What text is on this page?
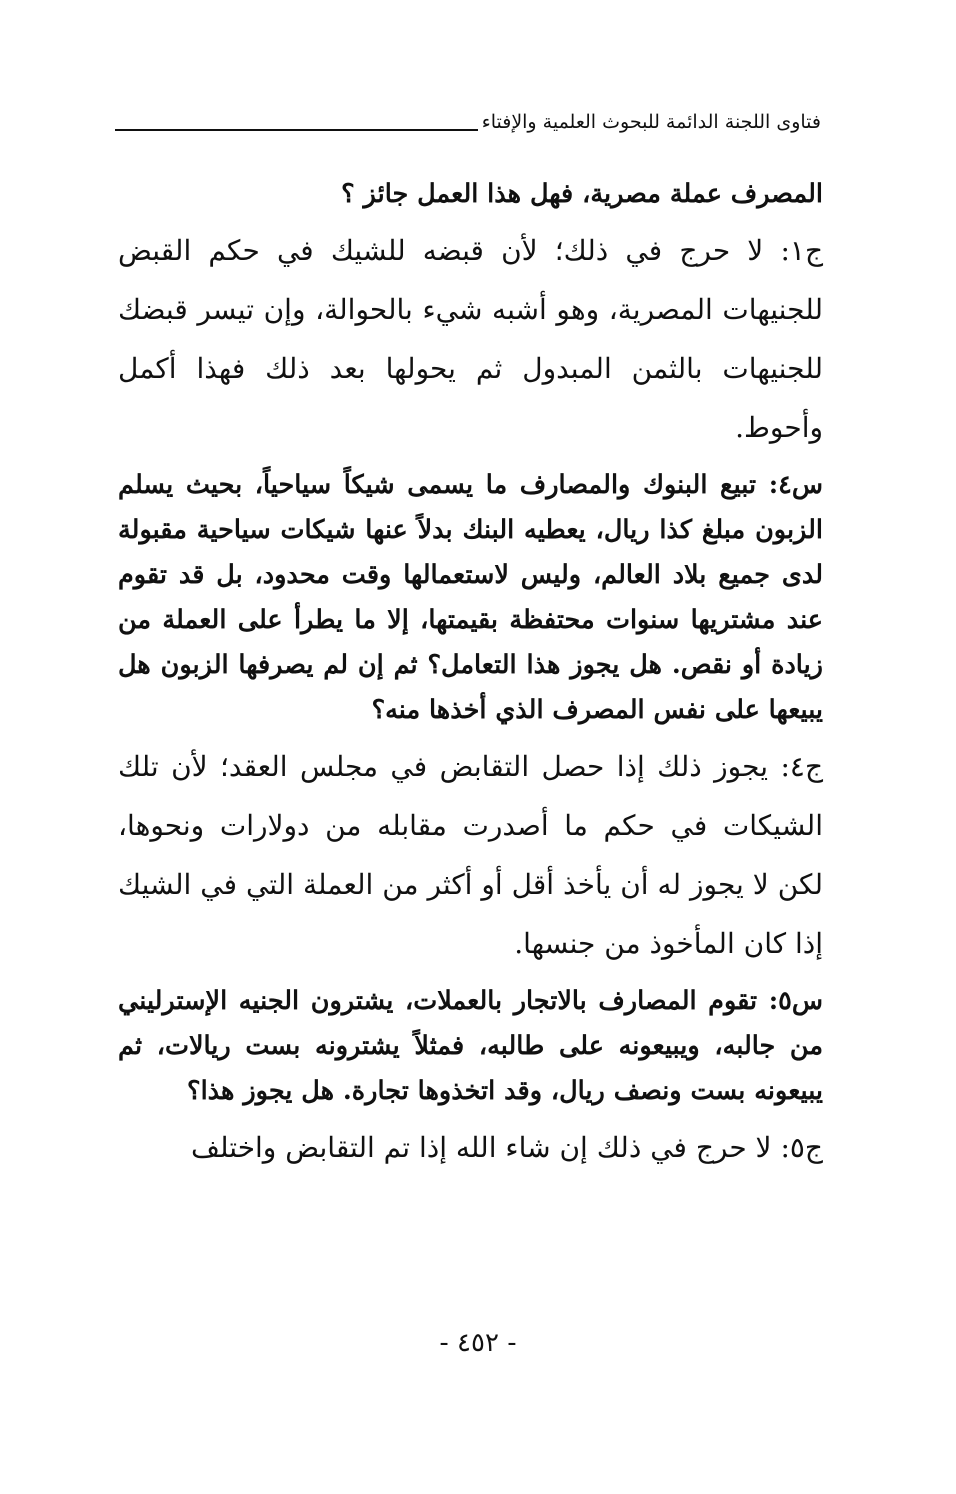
فتاوى اللجنة الدائمة للبحوث العلمية والإفتاء

المصرف عملة مصرية، فهل هذا العمل جائز ؟

ج١: لا حرج في ذلك؛ لأن قبضه للشيك في حكم القبض للجنيهات المصرية، وهو أشبه شيء بالحوالة، وإن تيسر قبضك للجنيهات بالثمن المبدول ثم يحولها بعد ذلك فهذا أكمل وأحوط.

س٤: تبيع البنوك والمصارف ما يسمى شيكاً سياحياً، بحيث يسلم الزبون مبلغ كذا ريال، يعطيه البنك بدلاً عنها شيكات سياحية مقبولة لدى جميع بلاد العالم، وليس لاستعمالها وقت محدود، بل قد تقوم عند مشتريها سنوات محتفظة بقيمتها، إلا ما يطرأ على العملة من زيادة أو نقص. هل يجوز هذا التعامل؟ ثم إن لم يصرفها الزبون هل يبيعها على نفس المصرف الذي أخذها منه؟

ج٤: يجوز ذلك إذا حصل التقابض في مجلس العقد؛ لأن تلك الشيكات في حكم ما أصدرت مقابله من دولارات ونحوها، لكن لا يجوز له أن يأخذ أقل أو أكثر من العملة التي في الشيك إذا كان المأخوذ من جنسها.

س٥: تقوم المصارف بالاتجار بالعملات، يشترون الجنيه الإسترليني من جالبه، ويبيعونه على طالبه، فمثلاً يشترونه بست ريالات، ثم يبيعونه بست ونصف ريال، وقد اتخذوها تجارة. هل يجوز هذا؟

ج٥: لا حرج في ذلك إن شاء الله إذا تم التقابض واختلف

- ٤٥٢ -
